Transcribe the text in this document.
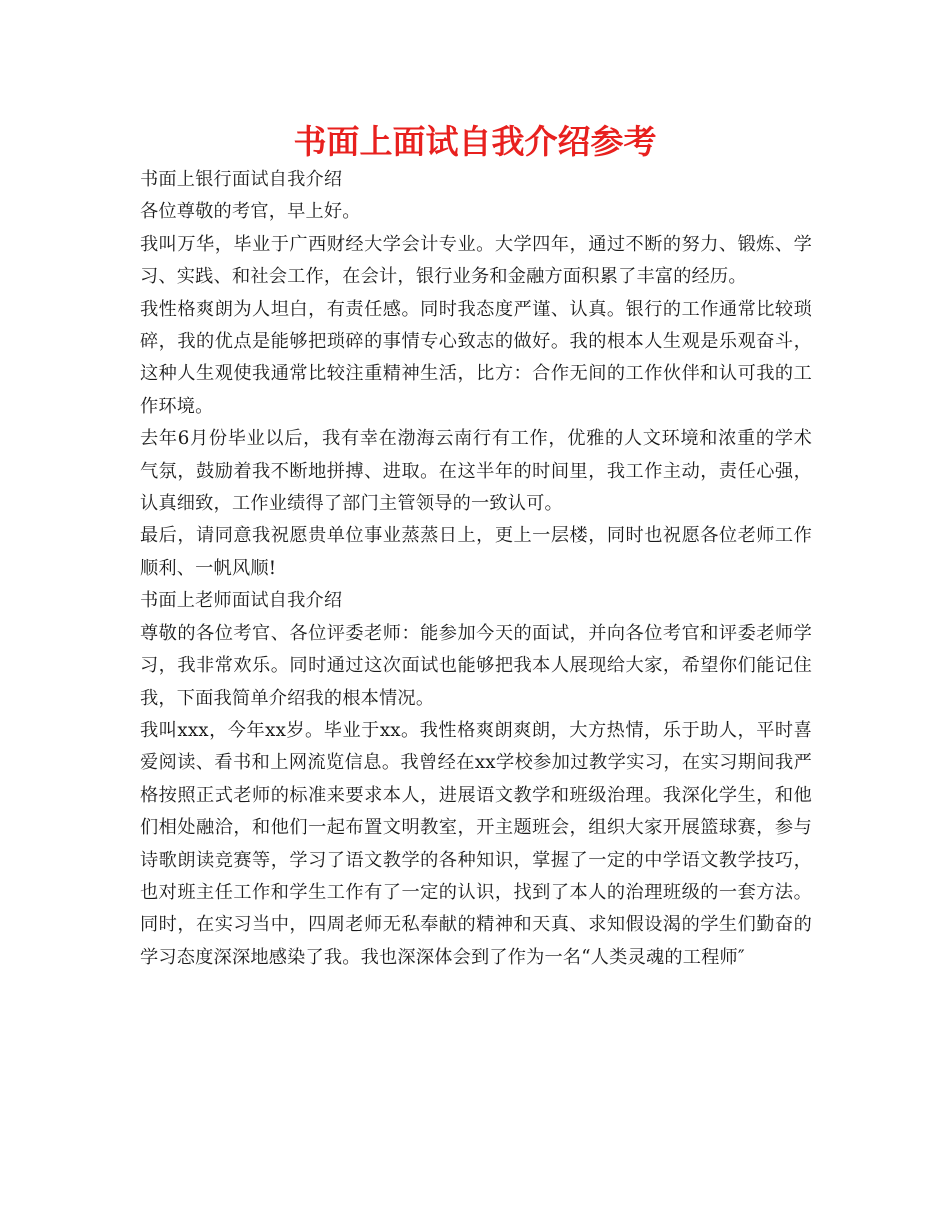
书面上面试自我介绍参考

书面上银行面试自我介绍

各位尊敬的考官，早上好。

我叫万华，毕业于广西财经大学会计专业。大学四年，通过不断的努力、锻炼、学习、实践、和社会工作，在会计，银行业务和金融方面积累了丰富的经历。

我性格爽朗为人坦白，有责任感。同时我态度严谨、认真。银行的工作通常比较琐碎，我的优点是能够把琐碎的事情专心致志的做好。我的根本人生观是乐观奋斗，这种人生观使我通常比较注重精神生活，比方：合作无间的工作伙伴和认可我的工作环境。

去年6月份毕业以后，我有幸在渤海云南行有工作，优雅的人文环境和浓重的学术气氛，鼓励着我不断地拼搏、进取。在这半年的时间里，我工作主动，责任心强，认真细致，工作业绩得了部门主管领导的一致认可。

最后，请同意我祝愿贵单位事业蒸蒸日上，更上一层楼，同时也祝愿各位老师工作顺利、一帆风顺!

书面上老师面试自我介绍

尊敬的各位考官、各位评委老师：能参加今天的面试，并向各位考官和评委老师学习，我非常欢乐。同时通过这次面试也能够把我本人展现给大家，希望你们能记住我，下面我简单介绍我的根本情况。

我叫xxx，今年xx岁。毕业于xx。我性格爽朗爽朗，大方热情，乐于助人，平时喜爱阅读、看书和上网流览信息。我曾经在xx学校参加过教学实习，在实习期间我严格按照正式老师的标准来要求本人，进展语文教学和班级治理。我深化学生，和他们相处融洽，和他们一起布置文明教室，开主题班会，组织大家开展篮球赛，参与诗歌朗读竞赛等，学习了语文教学的各种知识，掌握了一定的中学语文教学技巧，也对班主任工作和学生工作有了一定的认识，找到了本人的治理班级的一套方法。同时，在实习当中，四周老师无私奉献的精神和天真、求知假设渴的学生们勤奋的学习态度深深地感染了我。我也深深体会到了作为一名“人类灵魂的工程师″
